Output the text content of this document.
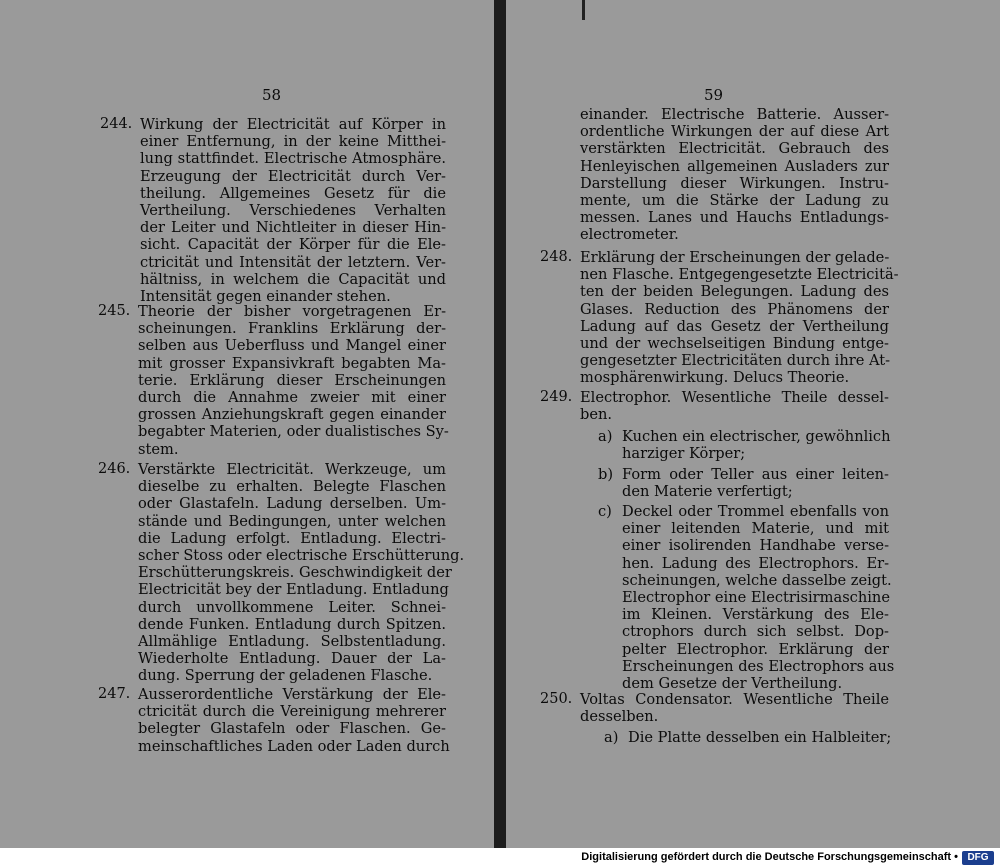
58
244. Wirkung der Electricität auf Körper in
einer Entfernung, in der keine Mitthei-
lung stattfindet. Electrische Atmosphäre.
Erzeugung der Electricität durch Ver-
theilung. Allgemeines Gesetz für die
Vertheilung. Verschiedenes Verhalten
der Leiter und Nichtleiter in dieser Hin-
sicht. Capacität der Körper für die Ele-
ctricität und Intensität der letztern. Ver-
hältniss, in welchem die Capacität und
Intensität gegen einander stehen.
245. Theorie der bisher vorgetragenen Er-
scheinungen. Franklins Erklärung der-
selben aus Ueberfluss und Mangel einer
mit grosser Expansivkraft begabten Ma-
terie. Erklärung dieser Erscheinungen
durch die Annahme zweier mit einer
grossen Anziehungskraft gegen einander
begabter Materien, oder dualistisches Sy-
stem.
246. Verstärkte Electricität. Werkzeuge, um
dieselbe zu erhalten. Belegte Flaschen
oder Glastafeln. Ladung derselben. Um-
stände und Bedingungen, unter welchen
die Ladung erfolgt. Entladung. Electri-
scher Stoss oder electrische Erschütterung.
Erschütterungskreis. Geschwindigkeit der
Electricität bey der Entladung. Entladung
durch unvollkommene Leiter. Schnei-
dende Funken. Entladung durch Spitzen.
Allmählige Entladung. Selbstentladung.
Wiederholte Entladung. Dauer der La-
dung. Sperrung der geladenen Flasche.
247. Ausserordentliche Verstärkung der Ele-
ctricität durch die Vereinigung mehrerer
belegter Glastafeln oder Flaschen. Ge-
meinschaftliches Laden oder Laden durch
59
einander. Electrische Batterie. Ausser-
ordentliche Wirkungen der auf diese Art
verstärkten Electricität. Gebrauch des
Henleyischen allgemeinen Ausladers zur
Darstellung dieser Wirkungen. Instru-
mente, um die Stärke der Ladung zu
messen. Lanes und Hauchs Entladungs-
electrometer.
248. Erklärung der Erscheinungen der gelade-
nen Flasche. Entgegengesetzte Electricitä-
ten der beiden Belegungen. Ladung des
Glases. Reduction des Phänomens der
Ladung auf das Gesetz der Vertheilung
und der wechselseitigen Bindung entge-
gengesetzter Electricitäten durch ihre At-
mosphärenwirkung. Delucs Theorie.
249. Electrophor. Wesentliche Theile dessel-
ben.
a) Kuchen ein electrischer, gewöhnlich
harziger Körper;
b) Form oder Teller aus einer leiten-
den Materie verfertigt;
c) Deckel oder Trommel ebenfalls von
einer leitenden Materie, und mit
einer isolirenden Handhabe verse-
hen. Ladung des Electrophors. Er-
scheinungen, welche dasselbe zeigt.
Electrophor eine Electrisirmaschine
im Kleinen. Verstärkung des Ele-
ctrophors durch sich selbst. Dop-
pelter Electrophor. Erklärung der
Erscheinungen des Electrophors aus
dem Gesetze der Vertheilung.
250. Voltas Condensator. Wesentliche Theile
desselben.
a) Die Platte desselben ein Halbleiter;
Digitalisierung gefördert durch die Deutsche Forschungsgemeinschaft • DFG
